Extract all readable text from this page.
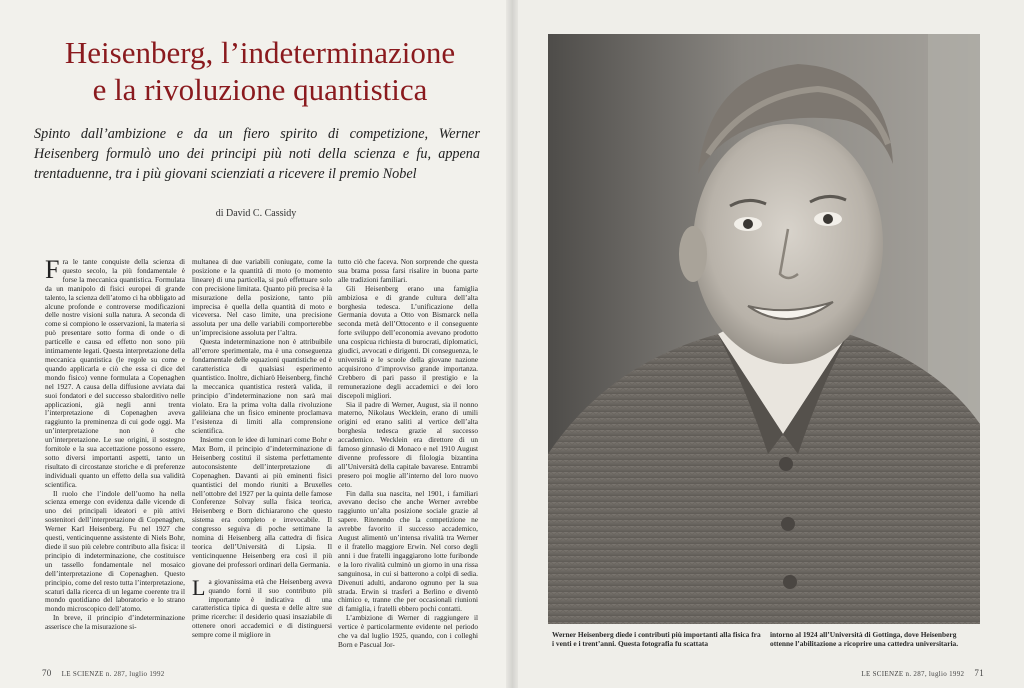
Heisenberg, l’indeterminazione
e la rivoluzione quantistica

Spinto dall’ambizione e da un fiero spirito di competizione, Werner Heisenberg formulò uno dei principi più noti della scienza e fu, appena trentaduenne, tra i più giovani scienziati a ricevere il premio Nobel

di David C. Cassidy

F ra le tante conquiste della scienza di questo secolo, la più fondamentale è forse la meccanica quantistica. Formulata da un manipolo di fisici europei di grande talento, la scienza dell’atomo ci ha obbligato ad alcune profonde e controverse modificazioni delle nostre visioni sulla natura. A seconda di come si compiono le osservazioni, la materia si può presentare sotto forma di onde o di particelle e causa ed effetto non sono più intimamente legati. Questa interpretazione della meccanica quantistica (le regole su come e quando applicarla e ciò che essa ci dice del mondo fisico) venne formulata a Copenaghen nel 1927. A causa della diffusione avviata dai suoi fondatori e del successo sbalorditivo nelle applicazioni, già negli anni trenta l’interpretazione di Copenaghen aveva raggiunto la preminenza di cui gode oggi. Ma un’interpretazione non è che un’interpretazione. Le sue origini, il sostegno fornitole e la sua accettazione possono essere, sotto diversi importanti aspetti, tanto un risultato di circostanze storiche e di preferenze individuali quanto un effetto della sua validità scientifica.

Il ruolo che l’indole dell’uomo ha nella scienza emerge con evidenza dalle vicende di uno dei principali ideatori e più attivi sostenitori dell’interpretazione di Copenaghen, Werner Karl Heisenberg. Fu nel 1927 che questi, venticinquenne assistente di Niels Bohr, diede il suo più celebre contributo alla fisica: il principio di indeterminazione, che costituisce un tassello fondamentale nel mosaico dell’interpretazione di Copenaghen. Questo principio, come del resto tutta l’interpretazione, scaturì dalla ricerca di un legame coerente tra il mondo quotidiano del laboratorio e lo strano mondo microscopico dell’atomo.

In breve, il principio d’indeterminazione asserisce che la misurazione si-

multanea di due variabili coniugate, come la posizione e la quantità di moto (o momento lineare) di una particella, si può effettuare solo con precisione limitata. Quanto più precisa è la misurazione della posizione, tanto più imprecisa è quella della quantità di moto e viceversa. Nel caso limite, una precisione assoluta per una delle variabili comporterebbe un’imprecisione assoluta per l’altra.

Questa indeterminazione non è attribuibile all’errore sperimentale, ma è una conseguenza fondamentale delle equazioni quantistiche ed è caratteristica di qualsiasi esperimento quantistico. Inoltre, dichiarò Heisenberg, finché la meccanica quantistica resterà valida, il principio d’indeterminazione non sarà mai violato. Era la prima volta dalla rivoluzione galileiana che un fisico eminente proclamava l’esistenza di limiti alla comprensione scientifica.

Insieme con le idee di luminari come Bohr e Max Born, il principio d’indeterminazione di Heisenberg costituì il sistema perfettamente autoconsistente dell’interpretazione di Copenaghen. Davanti ai più eminenti fisici quantistici del mondo riuniti a Bruxelles nell’ottobre del 1927 per la quinta delle famose Conferenze Solvay sulla fisica teorica, Heisenberg e Born dichiararono che questo sistema era completo e irrevocabile. Il congresso seguiva di poche settimane la nomina di Heisenberg alla cattedra di fisica teorica dell’Università di Lipsia. Il venticinquenne Heisenberg era così il più giovane dei professori ordinari della Germania.

L a giovanissima età che Heisenberg aveva quando fornì il suo contributo più importante è indicativa di una caratteristica tipica di questa e delle altre sue prime ricerche: il desiderio quasi insaziabile di ottenere onori accademici e di distinguersi sempre come il migliore in

tutto ciò che faceva. Non sorprende che questa sua brama possa farsi risalire in buona parte alle tradizioni familiari.

Gli Heisenberg erano una famiglia ambiziosa e di grande cultura dell’alta borghesia tedesca. L’unificazione della Germania dovuta a Otto von Bismarck nella seconda metà dell’Ottocento e il conseguente forte sviluppo dell’economia avevano prodotto una cospicua richiesta di burocrati, diplomatici, giudici, avvocati e dirigenti. Di conseguenza, le università e le scuole della giovane nazione acquisirono d’improvviso grande importanza. Crebbero di pari passo il prestigio e la remunerazione degli accademici e dei loro discepoli migliori.

Sia il padre di Werner, August, sia il nonno materno, Nikolaus Wecklein, erano di umili origini ed erano saliti al vertice dell’alta borghesia tedesca grazie al successo accademico. Wecklein era direttore di un famoso ginnasio di Monaco e nel 1910 August divenne professore di filologia bizantina all’Università della capitale bavarese. Entrambi presero poi moglie all’interno del loro nuovo ceto.

Fin dalla sua nascita, nel 1901, i familiari avevano deciso che anche Werner avrebbe raggiunto un’alta posizione sociale grazie al sapere. Ritenendo che la competizione ne avrebbe favorito il successo accademico, August alimentò un’intensa rivalità tra Werner e il fratello maggiore Erwin. Nel corso degli anni i due fratelli ingaggiarono lotte furibonde e la loro rivalità culminò un giorno in una rissa sanguinosa, in cui si batterono a colpi di sedia. Divenuti adulti, andarono ognuno per la sua strada. Erwin si trasferì a Berlino e diventò chimico e, tranne che per occasionali riunioni di famiglia, i fratelli ebbero pochi contatti.

L’ambizione di Werner di raggiungere il vertice è particolarmente evidente nel periodo che va dal luglio 1925, quando, con i colleghi Born e Pascual Jor-

70 LE SCIENZE n. 287, luglio 1992
Werner Heisenberg diede i contributi più importanti alla fisica fra i venti e i trent’anni. Questa fotografia fu scattata
intorno al 1924 all’Università di Gottinga, dove Heisenberg ottenne l’abilitazione a ricoprire una cattedra universitaria.
LE SCIENZE n. 287, luglio 1992 71
